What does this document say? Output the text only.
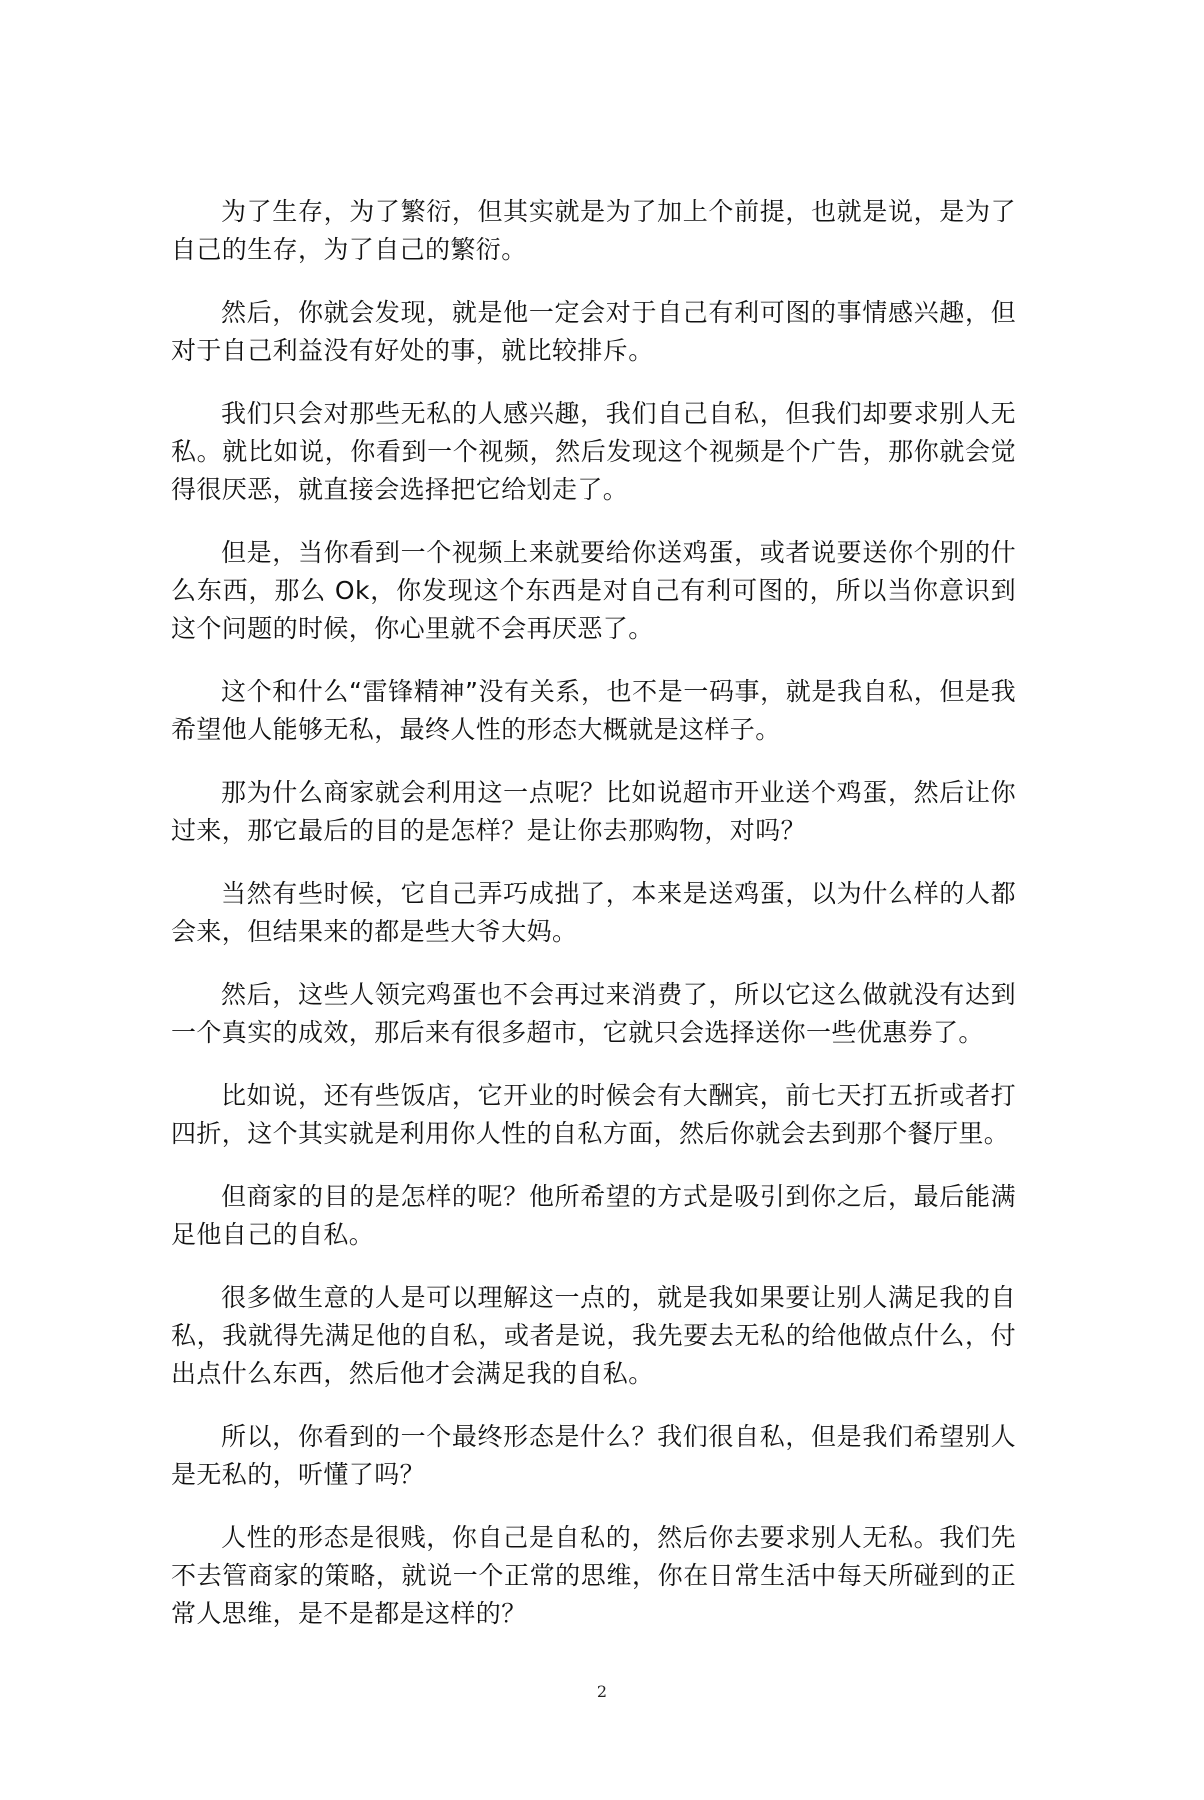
为了生存，为了繁衍，但其实就是为了加上个前提，也就是说，是为了自己的生存，为了自己的繁衍。

然后，你就会发现，就是他一定会对于自己有利可图的事情感兴趣，但对于自己利益没有好处的事，就比较排斥。

我们只会对那些无私的人感兴趣，我们自己自私，但我们却要求别人无私。就比如说，你看到一个视频，然后发现这个视频是个广告，那你就会觉得很厌恶，就直接会选择把它给划走了。

但是，当你看到一个视频上来就要给你送鸡蛋，或者说要送你个别的什么东西，那么 Ok，你发现这个东西是对自己有利可图的，所以当你意识到这个问题的时候，你心里就不会再厌恶了。

这个和什么“雷锋精神”没有关系，也不是一码事，就是我自私，但是我希望他人能够无私，最终人性的形态大概就是这样子。

那为什么商家就会利用这一点呢？比如说超市开业送个鸡蛋，然后让你过来，那它最后的目的是怎样？是让你去那购物，对吗？

当然有些时候，它自己弄巧成拙了，本来是送鸡蛋，以为什么样的人都会来，但结果来的都是些大爷大妈。

然后，这些人领完鸡蛋也不会再过来消费了，所以它这么做就没有达到一个真实的成效，那后来有很多超市，它就只会选择送你一些优惠券了。

比如说，还有些饭店，它开业的时候会有大酬宾，前七天打五折或者打四折，这个其实就是利用你人性的自私方面，然后你就会去到那个餐厅里。

但商家的目的是怎样的呢？他所希望的方式是吸引到你之后，最后能满足他自己的自私。

很多做生意的人是可以理解这一点的，就是我如果要让别人满足我的自私，我就得先满足他的自私，或者是说，我先要去无私的给他做点什么，付出点什么东西，然后他才会满足我的自私。

所以，你看到的一个最终形态是什么？我们很自私，但是我们希望别人是无私的，听懂了吗？

人性的形态是很贱，你自己是自私的，然后你去要求别人无私。我们先不去管商家的策略，就说一个正常的思维，你在日常生活中每天所碰到的正常人思维，是不是都是这样的？

2
